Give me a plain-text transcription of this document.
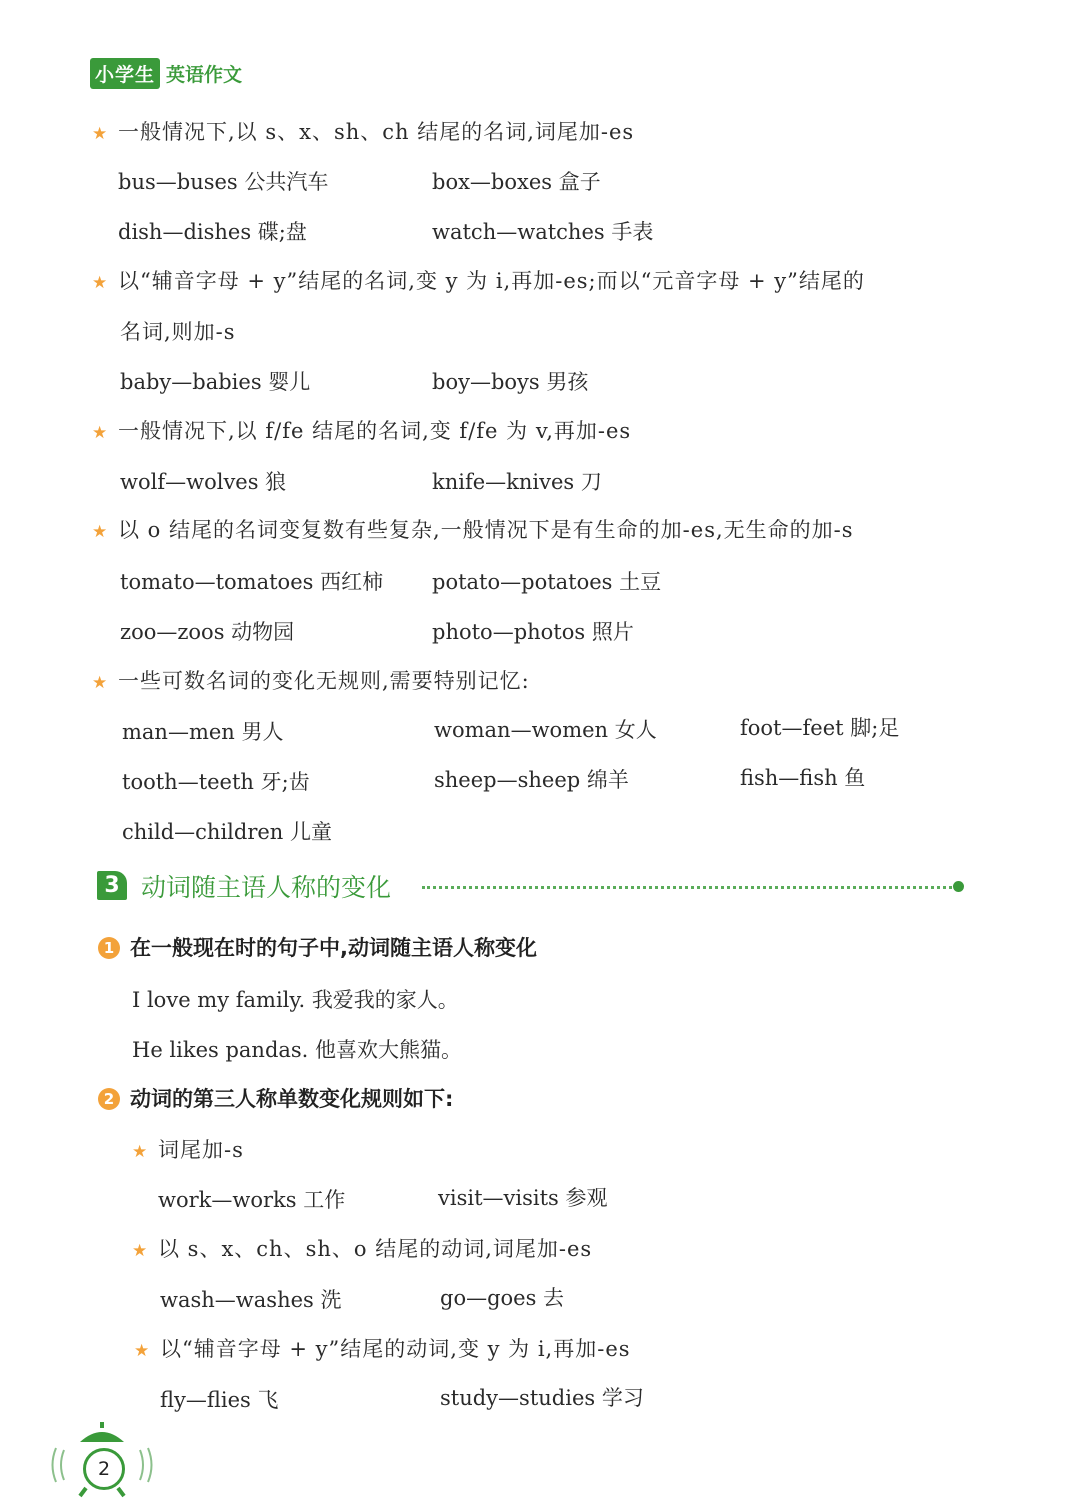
小学生 英语作文
★ 一般情况下,以 s、x、sh、ch 结尾的名词,词尾加-es
bus—buses 公共汽车	box—boxes 盒子
dish—dishes 碟;盘	watch—watches 手表
★ 以“辅音字母 + y”结尾的名词,变 y 为 i,再加-es;而以“元音字母 + y”结尾的
名词,则加-s
baby—babies 婴儿	boy—boys 男孩
★ 一般情况下,以 f/fe 结尾的名词,变 f/fe 为 v,再加-es
wolf—wolves 狼	knife—knives 刀
★ 以 o 结尾的名词变复数有些复杂,一般情况下是有生命的加-es,无生命的加-s
tomato—tomatoes 西红柿 potato—potatoes 土豆
zoo—zoos 动物园	photo—photos 照片
★ 一些可数名词的变化无规则,需要特别记忆:
man—men 男人	woman—women 女人	foot—feet 脚;足
tooth—teeth 牙;齿	sheep—sheep 绵羊	fish—fish 鱼
child—children 儿童
3 动词随主语人称的变化
1 在一般现在时的句子中,动词随主语人称变化
I love my family. 我爱我的家人。
He likes pandas. 他喜欢大熊猫。
2 动词的第三人称单数变化规则如下:
★ 词尾加-s
work—works 工作	visit—visits 参观
★ 以 s、x、ch、sh、o 结尾的动词,词尾加-es
wash—washes 洗	go—goes 去
★ 以“辅音字母 + y”结尾的动词,变 y 为 i,再加-es
fly—flies 飞	study—studies 学习
2
